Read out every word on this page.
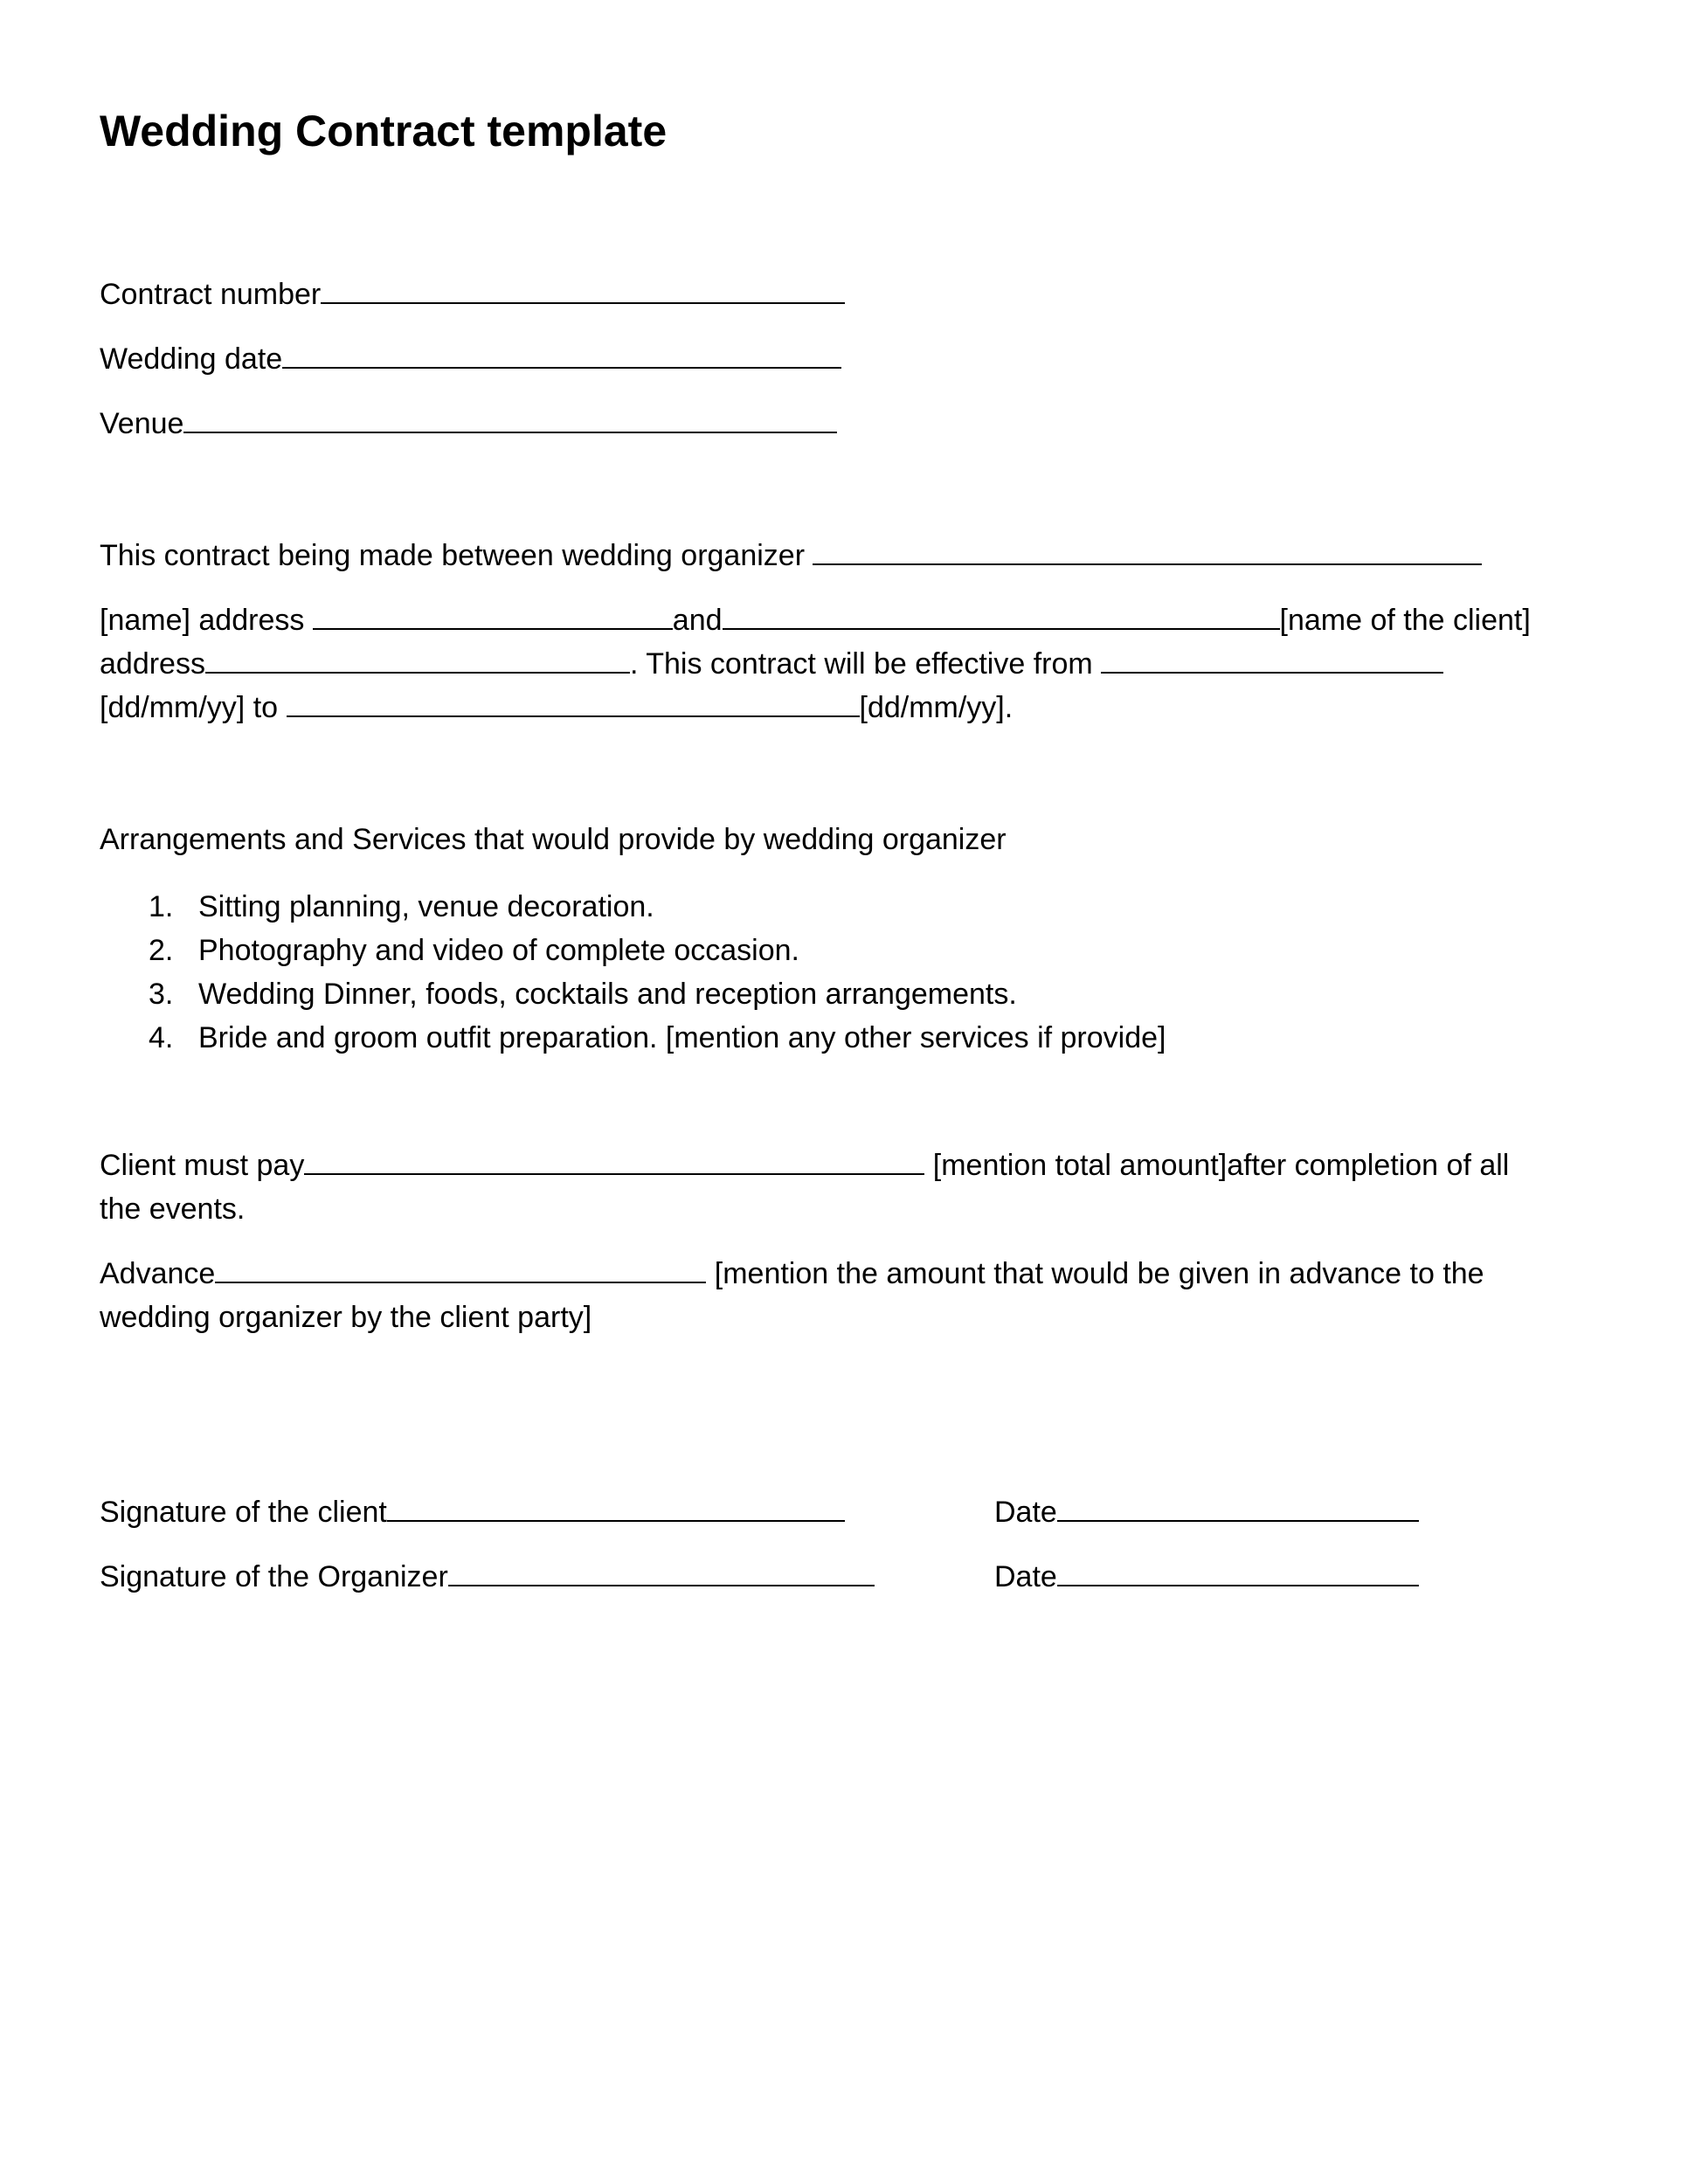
Wedding Contract template
Contract number
Wedding date
Venue
This contract being made between wedding organizer
[name] address	and	[name of the client]
address	. This contract will be effective from
[dd/mm/yy] to	[dd/mm/yy].
Arrangements and Services that would provide by wedding organizer
1. Sitting planning, venue decoration.
2. Photography and video of complete occasion.
3. Wedding Dinner, foods, cocktails and reception arrangements.
4. Bride and groom outfit preparation. [mention any other services if provide]
Client must pay	[mention total amount]after completion of all
the events.
Advance	[mention the amount that would be given in advance to the
wedding organizer by the client party]
Signature of the client	Date
Signature of the Organizer	Date
